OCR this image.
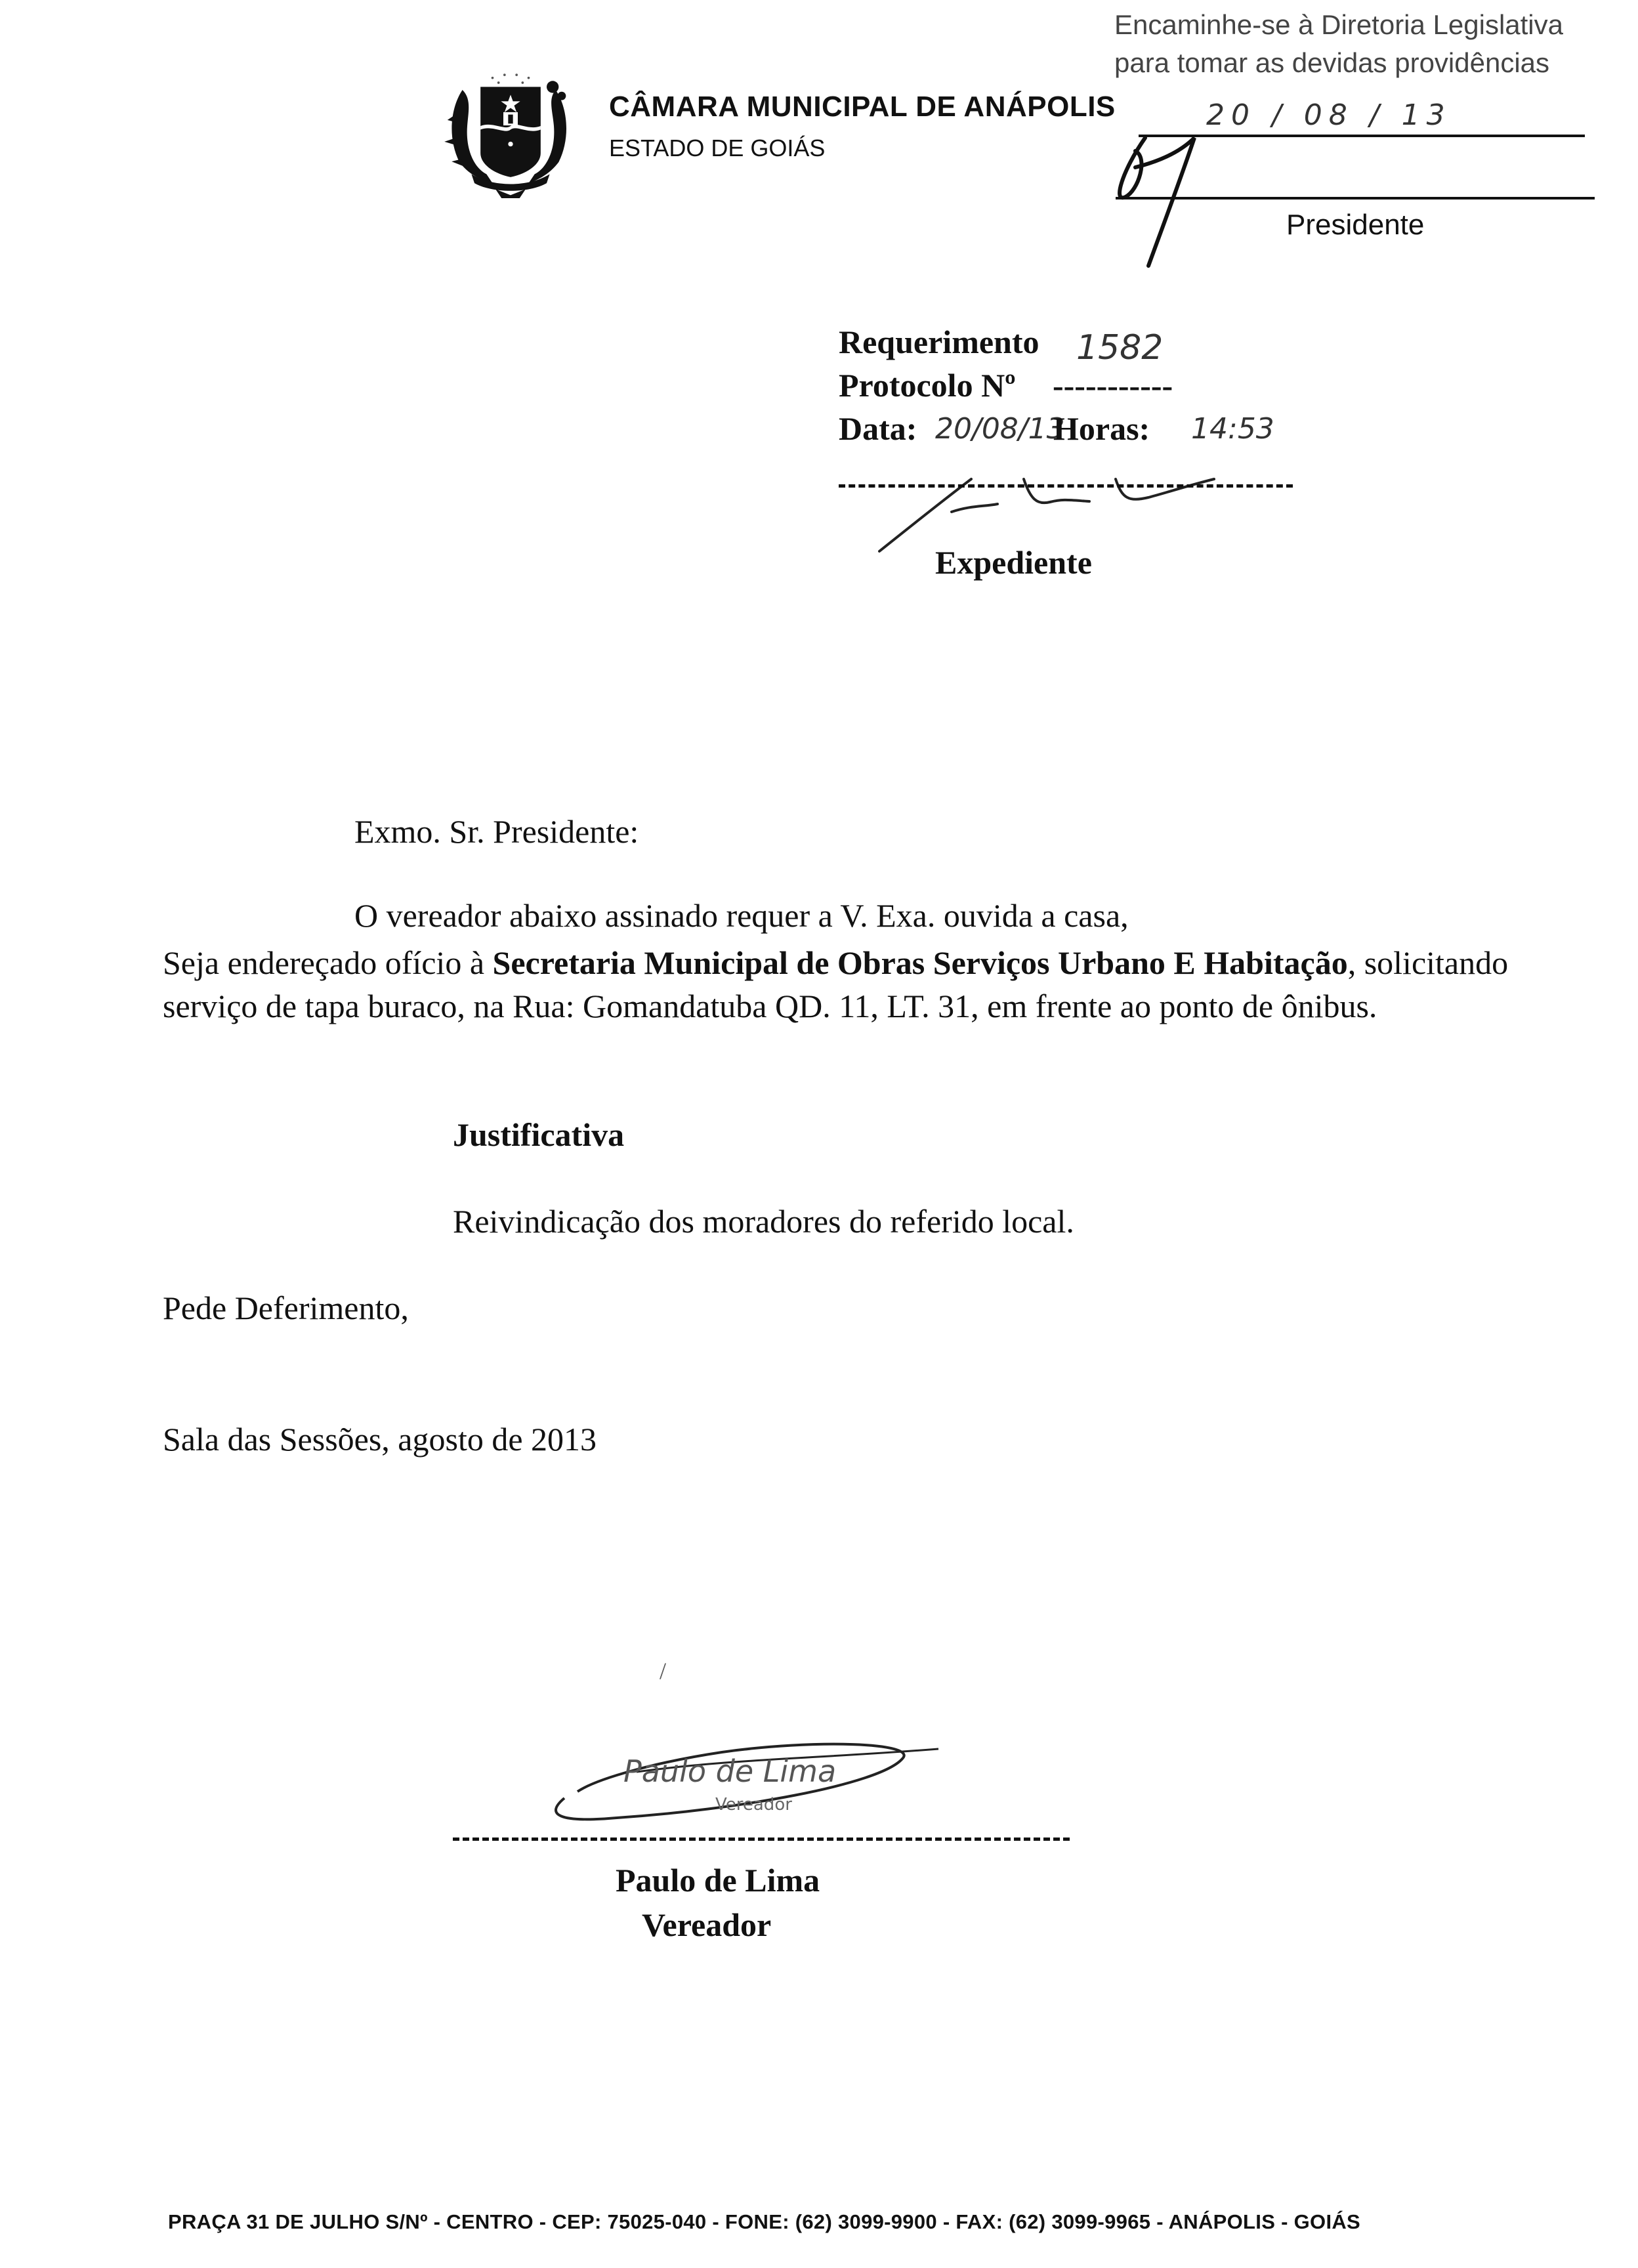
CÂMARA MUNICIPAL DE ANÁPOLIS
ESTADO DE GOIÁS
Encaminhe-se à Diretoria Legislativa
para tomar as devidas providências
20 / 08 / 13
Presidente
Requerimento
Protocolo Nº -----------
1582
Data: 20/08/13
Horas: 14:53
Expediente
Exmo. Sr. Presidente:
O vereador abaixo assinado requer a V. Exa. ouvida a casa,
Seja endereçado ofício à Secretaria Municipal de Obras Serviços Urbano E Habitação, solicitando serviço de tapa buraco, na Rua: Gomandatuba QD. 11, LT. 31, em frente ao ponto de ônibus.
Justificativa
Reivindicação dos moradores do referido local.
Pede Deferimento,
Sala das Sessões, agosto de 2013
/
Paulo de Lima
Vereador
Paulo de Lima
Vereador
PRAÇA 31 DE JULHO S/Nº - CENTRO - CEP: 75025-040 - FONE: (62) 3099-9900 - FAX: (62) 3099-9965 - ANÁPOLIS - GOIÁS
